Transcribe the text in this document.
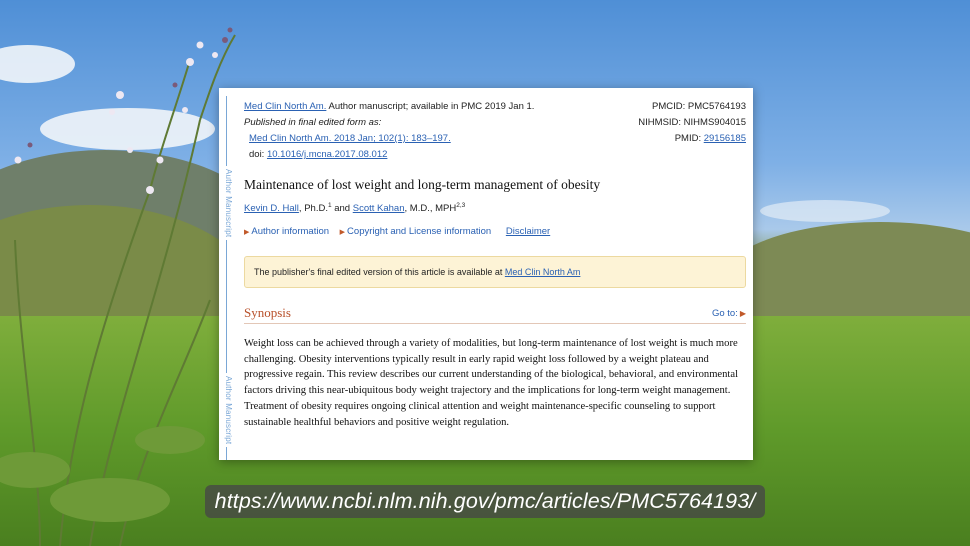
Author Manuscript
Author Manuscript
Med Clin North Am. Author manuscript; available in PMC 2019 Jan 1.
Published in final edited form as:
Med Clin North Am. 2018 Jan; 102(1): 183–197.
doi: 10.1016/j.mcna.2017.08.012
PMCID: PMC5764193
NIHMSID: NIHMS904015
PMID: 29156185
Maintenance of lost weight and long-term management of obesity
Kevin D. Hall, Ph.D.$^1$ and Scott Kahan, M.D., MPH$^{2,3}$
▶ Author information ▶ Copyright and License information Disclaimer
The publisher's final edited version of this article is available at Med Clin North Am
Synopsis	Go to: ▶
Weight loss can be achieved through a variety of modalities, but long-term maintenance of lost weight is much more challenging. Obesity interventions typically result in early rapid weight loss followed by a weight plateau and progressive regain. This review describes our current understanding of the biological, behavioral, and environmental factors driving this near-ubiquitous body weight trajectory and the implications for long-term weight management. Treatment of obesity requires ongoing clinical attention and weight maintenance-specific counseling to support sustainable healthful behaviors and positive weight regulation.
https://www.ncbi.nlm.nih.gov/pmc/articles/PMC5764193/
